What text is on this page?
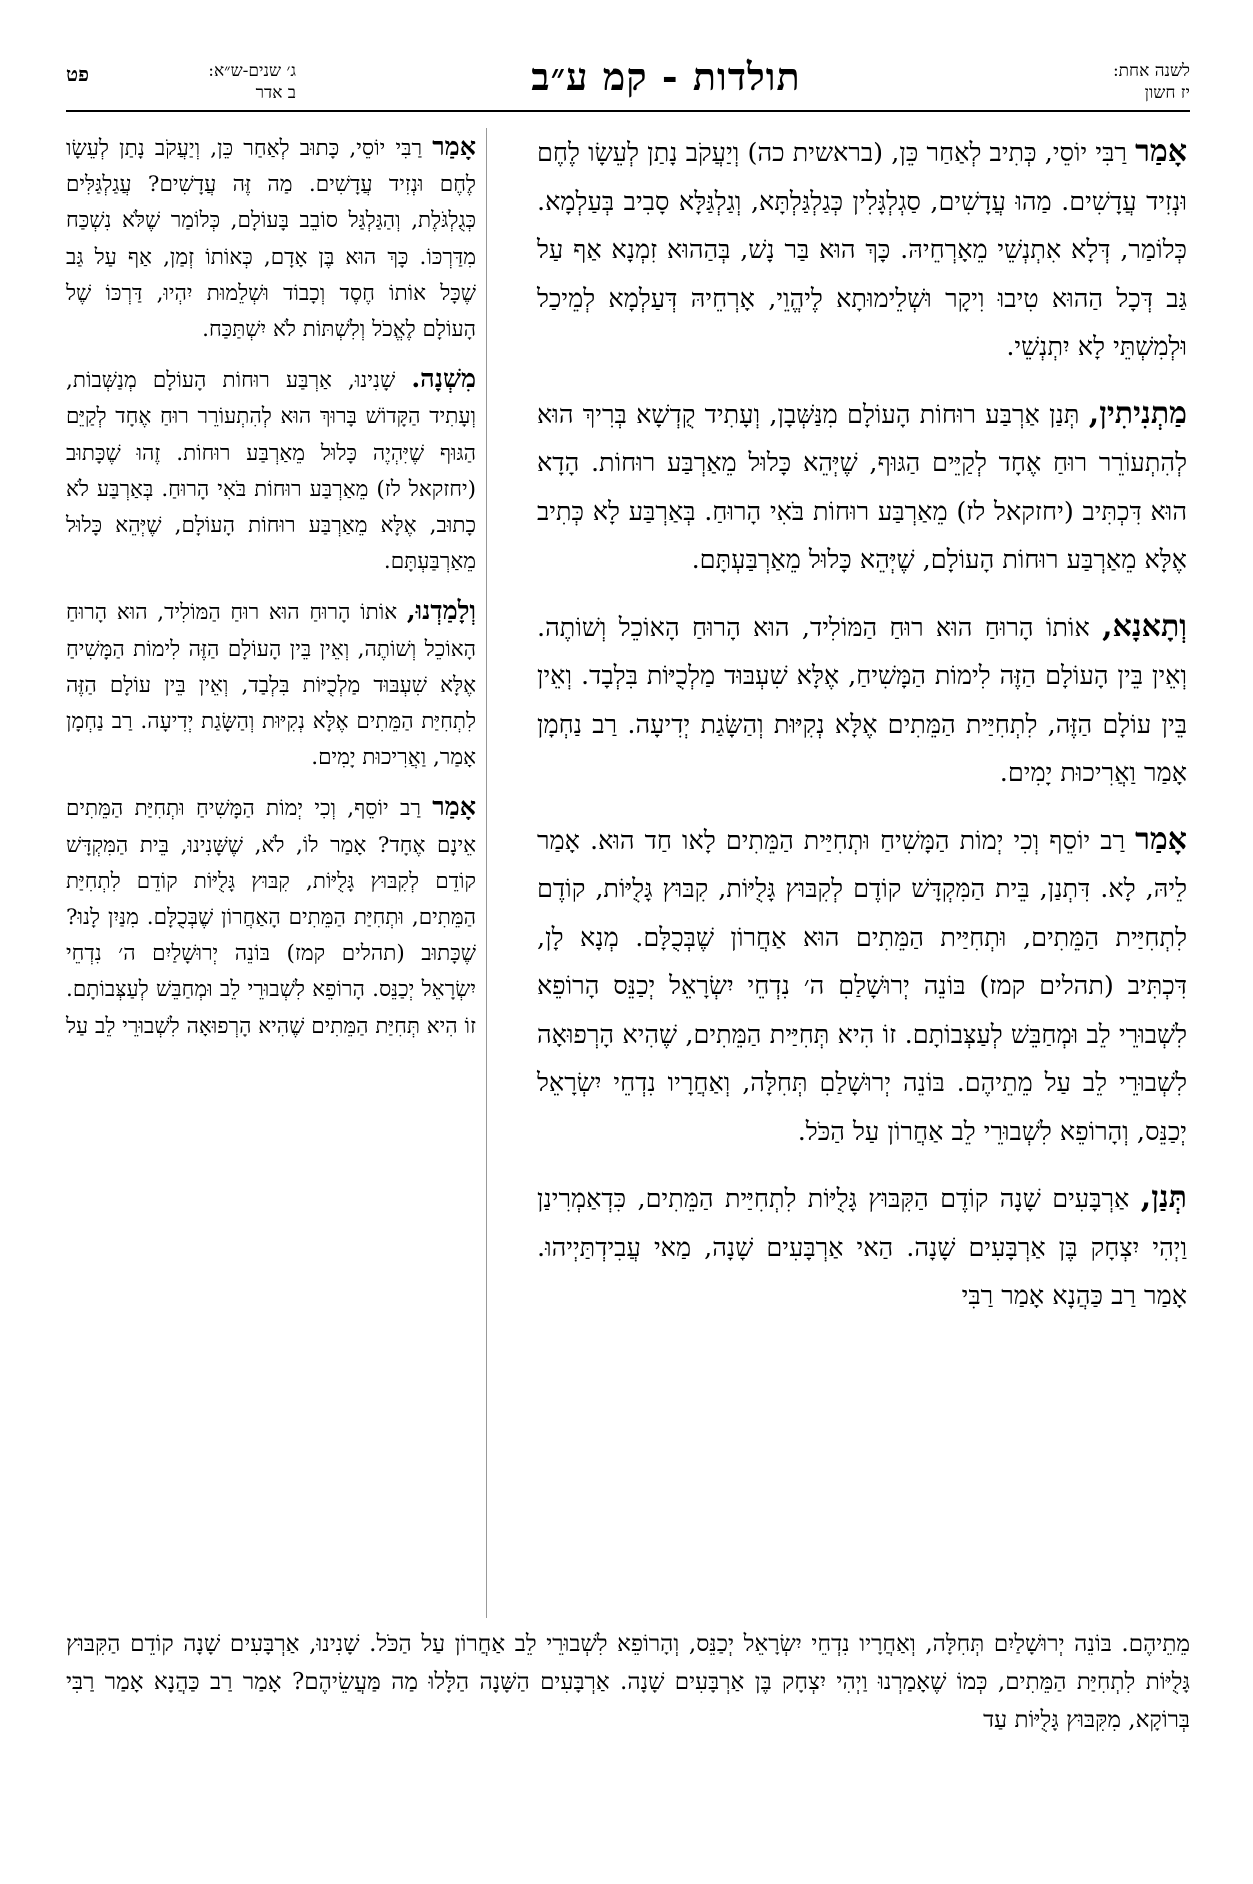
לשנה אחת:
יז חשון
תולדות - קמ ע״ב
ג׳ שנים-ש״א:
ב אדר
פט

אָמַר רַבִּי יוֹסֵי, כְּתִיב לְאַחַר כֵּן, (בראשית כה) וְיַעֲקֹב נָתַן לְעֵשָׂו לֶחֶם וּנְזִיד עֲדָשִׁים. מַהוּ עֲדָשִׁים, סַגְלְגָּלִין כְּגַלְגַּלְתָּא, וְגַלְגַּלָּא סָבִיב בְּעַלְמָא. כְּלוֹמַר, דְּלָא אִתְנְשֵׁי מֵאָרְחֵיהּ. כָּךְ הוּא בַּר נָשׁ, בְּהַהוּא זִמְנָא אַף עַל גַּב דְּכָל הַהוּא טִיבוּ וִיקָר וּשְׁלֵימוּתָא לֶיהֱוֵי, אָרְחֵיהּ דְּעַלְמָא לְמֵיכַל וּלְמִשְׁתֵּי לָא יִתְנְשֵׁי.

מַתְנִיתִין, תְּנַן אַרְבַּע רוּחוֹת הָעוֹלָם מִנַּשְּׁבָן, וְעָתִיד קֻדְשָׁא בְּרִיךְ הוּא לְהִתְעוֹרֵר רוּחַ אֶחָד לְקַיֵּים הַגּוּף, שֶׁיְּהֵא כָּלוּל מֵאַרְבַּע רוּחוֹת. הָדָא הוּא דִּכְתִּיב (יחזקאל לז) מֵאַרְבַּע רוּחוֹת בֹּאִי הָרוּחַ. בְּאַרְבַּע לָא כְּתִיב אֶלָּא מֵאַרְבַּע רוּחוֹת הָעוֹלָם, שֶׁיְּהֵא כָּלוּל מֵאַרְבַּעְתָּם.

וְתָאנָא, אוֹתוֹ הָרוּחַ הוּא רוּחַ הַמּוֹלִיד, הוּא הָרוּחַ הָאוֹכֵל וְשׁוֹתֶה. וְאֵין בֵּין הָעוֹלָם הַזֶּה לִימוֹת הַמָּשִׁיחַ, אֶלָּא שִׁעְבּוּד מַלְכֻיּוֹת בִּלְבָד. וְאֵין בֵּין עוֹלָם הַזֶּה, לִתְחִיַּית הַמֵּתִים אֶלָּא נְקִיּוּת וְהַשָּׂגַת יְדִיעָה. רַב נַחְמָן אָמַר וַאֲרִיכוּת יָמִים.

אָמַר רַב יוֹסֵף וְכִי יְמוֹת הַמָּשִׁיחַ וּתְחִיַּית הַמֵּתִים לָאו חַד הוּא. אָמַר לֵיהּ, לָא. דִּתְנַן, בֵּית הַמִּקְדָּשׁ קוֹדֶם לְקִבּוּץ גָּלֻיּוֹת, קִבּוּץ גָּלֻיּוֹת, קוֹדֶם לִתְחִיַּית הַמֵּתִים, וּתְחִיַּית הַמֵּתִים הוּא אַחֲרוֹן שֶׁבְּכֻלָּם. מְנָא לָן, דִּכְתִּיב (תהלים קמז) בּוֹנֵה יְרוּשָׁלַםִ ה׳ נִדְחֵי יִשְׂרָאֵל יְכַנֵּס הָרוֹפֵא לִשְׁבוּרֵי לֵב וּמְחַבֵּשׁ לְעַצְּבוֹתָם. זוֹ הִיא תְּחִיַּית הַמֵּתִים, שֶׁהִיא הָרְפוּאָה לִשְׁבוּרֵי לֵב עַל מֵתֵיהֶם. בּוֹנֵה יְרוּשָׁלַםִ תְּחִלָּה, וְאַחֲרָיו נִדְחֵי יִשְׂרָאֵל יְכַנֵּס, וְהָרוֹפֵא לִשְׁבוּרֵי לֵב אַחֲרוֹן עַל הַכֹּל.

תְּנַן, אַרְבָּעִים שָׁנָה קוֹדֶם הַקִּבּוּץ גָּלֻיּוֹת לִתְחִיַּית הַמֵּתִים, כִּדְאַמְרִינַן וַיְהִי יִצְחָק בֶּן אַרְבָּעִים שָׁנָה. הַאי אַרְבָּעִים שָׁנָה, מַאי עֲבִידְתַּיְיהוּ. אָמַר רַב כַּהֲנָא אָמַר רַבִּי

אָמַר רַבִּי יוֹסֵי, כָּתוּב לְאַחַר כֵּן, וְיַעֲקֹב נָתַן לְעֵשָׂו לֶחֶם וּנְזִיד עֲדָשִׁים. מַה זֶּה עֲדָשִׁים? עֲגַלְגַּלִּים כְּגֻלְגֹּלֶת, וְהַגַּלְגַּל סוֹבֵב בָּעוֹלָם, כְּלוֹמַר שֶׁלֹּא נִשְׁכַּח מִדַּרְכּוֹ. כָּךְ הוּא בֶּן אָדָם, כְּאוֹתוֹ זְמַן, אַף עַל גַּב שֶׁכָּל אוֹתוֹ חֶסֶד וְכָבוֹד וּשְׁלֵמוּת יִהְיוּ, דַּרְכּוֹ שֶׁל הָעוֹלָם לֶאֱכֹל וְלִשְׁתּוֹת לֹא יִשְׁתַּכַּח.

מִשְׁנָה. שָׁנִינוּ, אַרְבַּע רוּחוֹת הָעוֹלָם מְנַשְּׁבוֹת, וְעָתִיד הַקָּדוֹשׁ בָּרוּךְ הוּא לְהִתְעוֹרֵר רוּחַ אֶחָד לְקַיֵּם הַגּוּף שֶׁיִּהְיֶה כָּלוּל מֵאַרְבַּע רוּחוֹת. זֶהוּ שֶׁכָּתוּב (יחזקאל לז) מֵאַרְבַּע רוּחוֹת בֹּאִי הָרוּחַ. בְּאַרְבַּע לֹא כָתוּב, אֶלָּא מֵאַרְבַּע רוּחוֹת הָעוֹלָם, שֶׁיְּהֵא כָּלוּל מֵאַרְבַּעְתָּם.

וְלָמַדְנוּ, אוֹתוֹ הָרוּחַ הוּא רוּחַ הַמּוֹלִיד, הוּא הָרוּחַ הָאוֹכֵל וְשׁוֹתֶה, וְאֵין בֵּין הָעוֹלָם הַזֶּה לִימוֹת הַמָּשִׁיחַ אֶלָּא שִׁעְבּוּד מַלְכֻיּוֹת בִּלְבַד, וְאֵין בֵּין עוֹלָם הַזֶּה לִתְחִיַּת הַמֵּתִים אֶלָּא נְקִיּוּת וְהַשָּׂגַת יְדִיעָה. רַב נַחְמָן אָמַר, וַאֲרִיכוּת יָמִים.

אָמַר רַב יוֹסֵף, וְכִי יְמוֹת הַמָּשִׁיחַ וּתְחִיַּת הַמֵּתִים אֵינָם אֶחָד? אָמַר לוֹ, לֹא, שֶׁשָּׁנִינוּ, בֵּית הַמִּקְדָּשׁ קוֹדֵם לְקִבּוּץ גָּלֻיּוֹת, קִבּוּץ גָּלֻיּוֹת קוֹדֵם לִתְחִיַּת הַמֵּתִים, וּתְחִיַּת הַמֵּתִים הָאַחֲרוֹן שֶׁבְּכֻלָּם. מִנַּיִן לָנוּ? שֶׁכָּתוּב (תהלים קמז) בּוֹנֵה יְרוּשָׁלַיִם ה׳ נִדְחֵי יִשְׂרָאֵל יְכַנֵּס. הָרוֹפֵא לִשְׁבוּרֵי לֵב וּמְחַבֵּשׁ לְעַצְּבוֹתָם. זוֹ הִיא תְּחִיַּת הַמֵּתִים שֶׁהִיא הָרְפוּאָה לִשְׁבוּרֵי לֵב עַל

מֵתֵיהֶם. בּוֹנֵה יְרוּשָׁלַיִם תְּחִלָּה, וְאַחֲרָיו נִדְחֵי יִשְׂרָאֵל יְכַנֵּס, וְהָרוֹפֵא לִשְׁבוּרֵי לֵב אַחֲרוֹן עַל הַכֹּל. שָׁנִינוּ, אַרְבָּעִים שָׁנָה קוֹדֵם הַקִּבּוּץ גָּלֻיּוֹת לִתְחִיַּת הַמֵּתִים, כְּמוֹ שֶׁאָמַרְנוּ וַיְהִי יִצְחָק בֶּן אַרְבָּעִים שָׁנָה. אַרְבָּעִים הַשָּׁנָה הַלָּלוּ מַה מַּעֲשֵׂיהֶם? אָמַר רַב כַּהֲנָא אָמַר רַבִּי בְּרוֹקָא, מִקִּבּוּץ גָּלֻיּוֹת עַד
